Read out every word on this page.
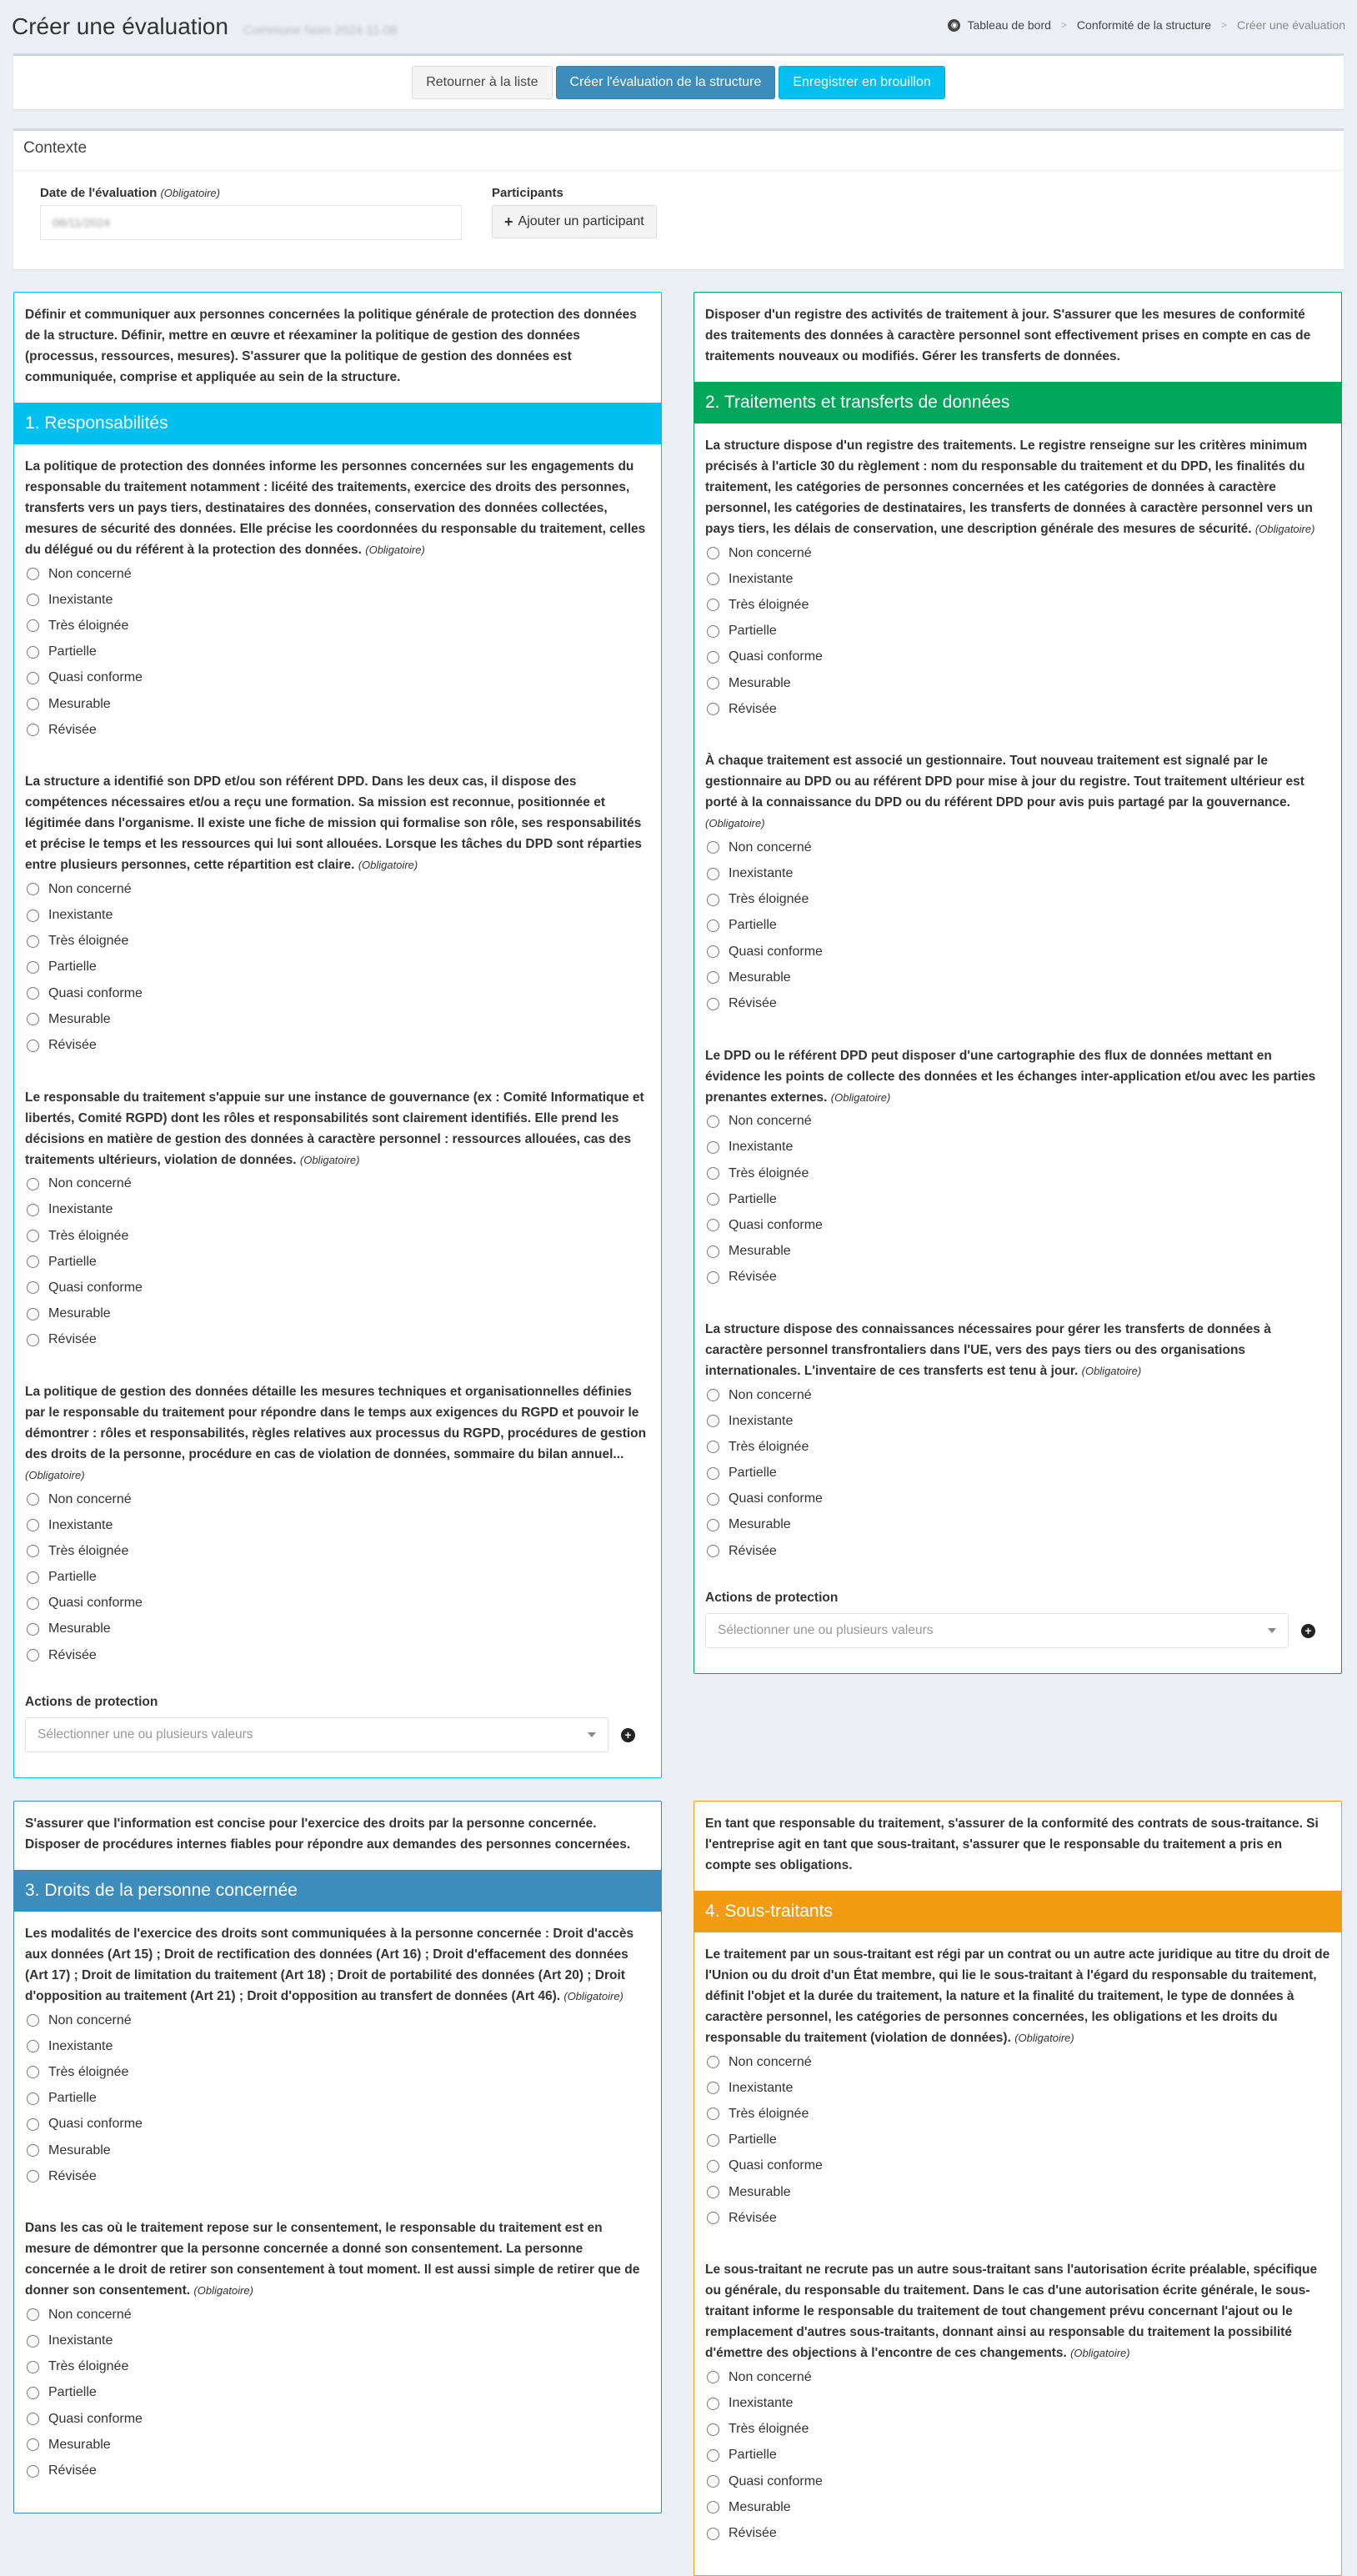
Créer une évaluation Commune Nom 2024-11-08	◉ Tableau de bord > Conformité de la structure > Créer une évaluation
Retourner à la liste	Créer l'évaluation de la structure	Enregistrer en brouillon
Contexte
Date de l'évaluation (Obligatoire)
08/11/2024
Participants
+ Ajouter un participant
Définir et communiquer aux personnes concernées la politique générale de protection des données de la structure. Définir, mettre en œuvre et réexaminer la politique de gestion des données (processus, ressources, mesures). S'assurer que la politique de gestion des données est communiquée, comprise et appliquée au sein de la structure.
1. Responsabilités
La politique de protection des données informe les personnes concernées sur les engagements du responsable du traitement notamment : licéité des traitements, exercice des droits des personnes, transferts vers un pays tiers, destinataires des données, conservation des données collectées, mesures de sécurité des données. Elle précise les coordonnées du responsable du traitement, celles du délégué ou du référent à la protection des données. (Obligatoire)
Non concerné
Inexistante
Très éloignée
Partielle
Quasi conforme
Mesurable
Révisée
La structure a identifié son DPD et/ou son référent DPD. Dans les deux cas, il dispose des compétences nécessaires et/ou a reçu une formation. Sa mission est reconnue, positionnée et légitimée dans l'organisme. Il existe une fiche de mission qui formalise son rôle, ses responsabilités et précise le temps et les ressources qui lui sont allouées. Lorsque les tâches du DPD sont réparties entre plusieurs personnes, cette répartition est claire. (Obligatoire)
Non concerné
Inexistante
Très éloignée
Partielle
Quasi conforme
Mesurable
Révisée
Le responsable du traitement s'appuie sur une instance de gouvernance (ex : Comité Informatique et libertés, Comité RGPD) dont les rôles et responsabilités sont clairement identifiés. Elle prend les décisions en matière de gestion des données à caractère personnel : ressources allouées, cas des traitements ultérieurs, violation de données. (Obligatoire)
Non concerné
Inexistante
Très éloignée
Partielle
Quasi conforme
Mesurable
Révisée
La politique de gestion des données détaille les mesures techniques et organisationnelles définies par le responsable du traitement pour répondre dans le temps aux exigences du RGPD et pouvoir le démontrer : rôles et responsabilités, règles relatives aux processus du RGPD, procédures de gestion des droits de la personne, procédure en cas de violation de données, sommaire du bilan annuel... (Obligatoire)
Non concerné
Inexistante
Très éloignée
Partielle
Quasi conforme
Mesurable
Révisée
Actions de protection
Sélectionner une ou plusieurs valeurs	+
Disposer d'un registre des activités de traitement à jour. S'assurer que les mesures de conformité des traitements des données à caractère personnel sont effectivement prises en compte en cas de traitements nouveaux ou modifiés. Gérer les transferts de données.
2. Traitements et transferts de données
La structure dispose d'un registre des traitements. Le registre renseigne sur les critères minimum précisés à l'article 30 du règlement : nom du responsable du traitement et du DPD, les finalités du traitement, les catégories de personnes concernées et les catégories de données à caractère personnel, les catégories de destinataires, les transferts de données à caractère personnel vers un pays tiers, les délais de conservation, une description générale des mesures de sécurité. (Obligatoire)
Non concerné
Inexistante
Très éloignée
Partielle
Quasi conforme
Mesurable
Révisée
À chaque traitement est associé un gestionnaire. Tout nouveau traitement est signalé par le gestionnaire au DPD ou au référent DPD pour mise à jour du registre. Tout traitement ultérieur est porté à la connaissance du DPD ou du référent DPD pour avis puis partagé par la gouvernance. (Obligatoire)
Non concerné
Inexistante
Très éloignée
Partielle
Quasi conforme
Mesurable
Révisée
Le DPD ou le référent DPD peut disposer d'une cartographie des flux de données mettant en évidence les points de collecte des données et les échanges inter-application et/ou avec les parties prenantes externes. (Obligatoire)
Non concerné
Inexistante
Très éloignée
Partielle
Quasi conforme
Mesurable
Révisée
La structure dispose des connaissances nécessaires pour gérer les transferts de données à caractère personnel transfrontaliers dans l'UE, vers des pays tiers ou des organisations internationales. L'inventaire de ces transferts est tenu à jour. (Obligatoire)
Non concerné
Inexistante
Très éloignée
Partielle
Quasi conforme
Mesurable
Révisée
Actions de protection
Sélectionner une ou plusieurs valeurs	+
S'assurer que l'information est concise pour l'exercice des droits par la personne concernée. Disposer de procédures internes fiables pour répondre aux demandes des personnes concernées.
3. Droits de la personne concernée
Les modalités de l'exercice des droits sont communiquées à la personne concernée : Droit d'accès aux données (Art 15) ; Droit de rectification des données (Art 16) ; Droit d'effacement des données (Art 17) ; Droit de limitation du traitement (Art 18) ; Droit de portabilité des données (Art 20) ; Droit d'opposition au traitement (Art 21) ; Droit d'opposition au transfert de données (Art 46). (Obligatoire)
Non concerné
Inexistante
Très éloignée
Partielle
Quasi conforme
Mesurable
Révisée
Dans les cas où le traitement repose sur le consentement, le responsable du traitement est en mesure de démontrer que la personne concernée a donné son consentement. La personne concernée a le droit de retirer son consentement à tout moment. Il est aussi simple de retirer que de donner son consentement. (Obligatoire)
Non concerné
Inexistante
Très éloignée
Partielle
Quasi conforme
Mesurable
Révisée
En tant que responsable du traitement, s'assurer de la conformité des contrats de sous-traitance. Si l'entreprise agit en tant que sous-traitant, s'assurer que le responsable du traitement a pris en compte ses obligations.
4. Sous-traitants
Le traitement par un sous-traitant est régi par un contrat ou un autre acte juridique au titre du droit de l'Union ou du droit d'un État membre, qui lie le sous-traitant à l'égard du responsable du traitement, définit l'objet et la durée du traitement, la nature et la finalité du traitement, le type de données à caractère personnel, les catégories de personnes concernées, les obligations et les droits du responsable du traitement (violation de données). (Obligatoire)
Non concerné
Inexistante
Très éloignée
Partielle
Quasi conforme
Mesurable
Révisée
Le sous-traitant ne recrute pas un autre sous-traitant sans l'autorisation écrite préalable, spécifique ou générale, du responsable du traitement. Dans le cas d'une autorisation écrite générale, le sous-traitant informe le responsable du traitement de tout changement prévu concernant l'ajout ou le remplacement d'autres sous-traitants, donnant ainsi au responsable du traitement la possibilité d'émettre des objections à l'encontre de ces changements. (Obligatoire)
Non concerné
Inexistante
Très éloignée
Partielle
Quasi conforme
Mesurable
Révisée
